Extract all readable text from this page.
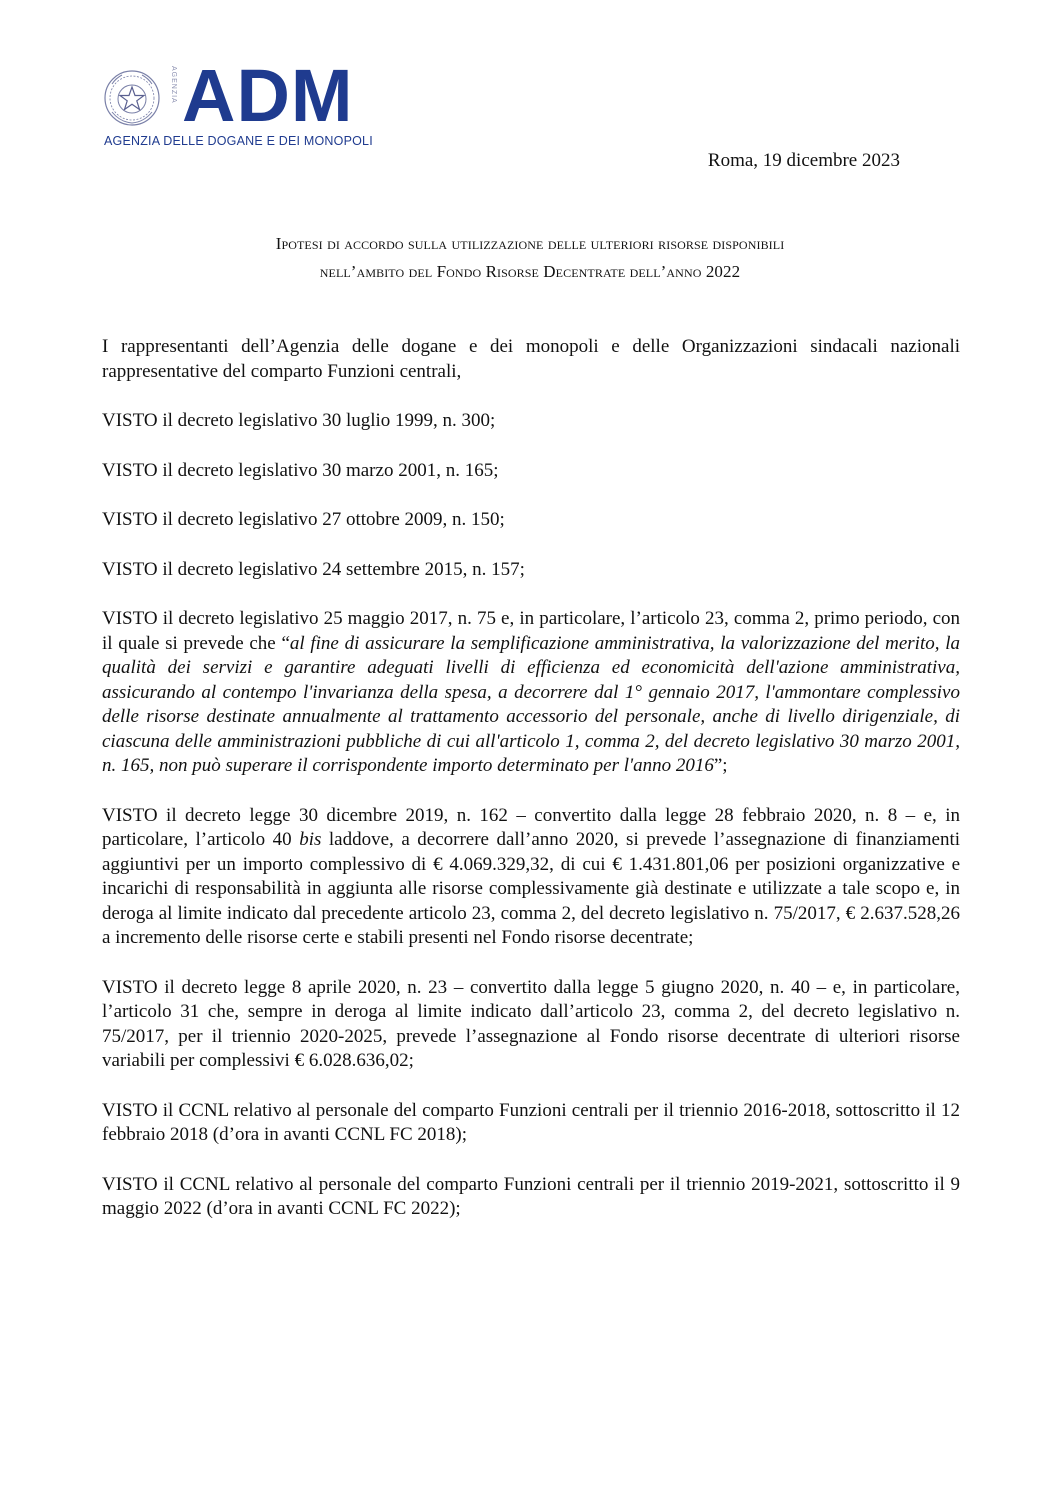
AGENZIA ADM
AGENZIA DELLE DOGANE E DEI MONOPOLI
Roma, 19 dicembre 2023
Ipotesi di accordo sulla utilizzazione delle ulteriori risorse disponibili
nell’ambito del Fondo Risorse Decentrate dell’anno 2022

I rappresentanti dell’Agenzia delle dogane e dei monopoli e delle Organizzazioni sindacali nazionali rappresentative del comparto Funzioni centrali,

VISTO il decreto legislativo 30 luglio 1999, n. 300;

VISTO il decreto legislativo 30 marzo 2001, n. 165;

VISTO il decreto legislativo 27 ottobre 2009, n. 150;

VISTO il decreto legislativo 24 settembre 2015, n. 157;

VISTO il decreto legislativo 25 maggio 2017, n. 75 e, in particolare, l’articolo 23, comma 2, primo periodo, con il quale si prevede che “al fine di assicurare la semplificazione amministrativa, la valorizzazione del merito, la qualità dei servizi e garantire adeguati livelli di efficienza ed economicità dell'azione amministrativa, assicurando al contempo l'invarianza della spesa, a decorrere dal 1° gennaio 2017, l'ammontare complessivo delle risorse destinate annualmente al trattamento accessorio del personale, anche di livello dirigenziale, di ciascuna delle amministrazioni pubbliche di cui all'articolo 1, comma 2, del decreto legislativo 30 marzo 2001, n. 165, non può superare il corrispondente importo determinato per l'anno 2016”;

VISTO il decreto legge 30 dicembre 2019, n. 162 – convertito dalla legge 28 febbraio 2020, n. 8 – e, in particolare, l’articolo 40 bis laddove, a decorrere dall’anno 2020, si prevede l’assegnazione di finanziamenti aggiuntivi per un importo complessivo di € 4.069.329,32, di cui € 1.431.801,06 per posizioni organizzative e incarichi di responsabilità in aggiunta alle risorse complessivamente già destinate e utilizzate a tale scopo e, in deroga al limite indicato dal precedente articolo 23, comma 2, del decreto legislativo n. 75/2017, € 2.637.528,26 a incremento delle risorse certe e stabili presenti nel Fondo risorse decentrate;

VISTO il decreto legge 8 aprile 2020, n. 23 – convertito dalla legge 5 giugno 2020, n. 40 – e, in particolare, l’articolo 31 che, sempre in deroga al limite indicato dall’articolo 23, comma 2, del decreto legislativo n. 75/2017, per il triennio 2020-2025, prevede l’assegnazione al Fondo risorse decentrate di ulteriori risorse variabili per complessivi € 6.028.636,02;

VISTO il CCNL relativo al personale del comparto Funzioni centrali per il triennio 2016-2018, sottoscritto il 12 febbraio 2018 (d’ora in avanti CCNL FC 2018);

VISTO il CCNL relativo al personale del comparto Funzioni centrali per il triennio 2019-2021, sottoscritto il 9 maggio 2022 (d’ora in avanti CCNL FC 2022);
